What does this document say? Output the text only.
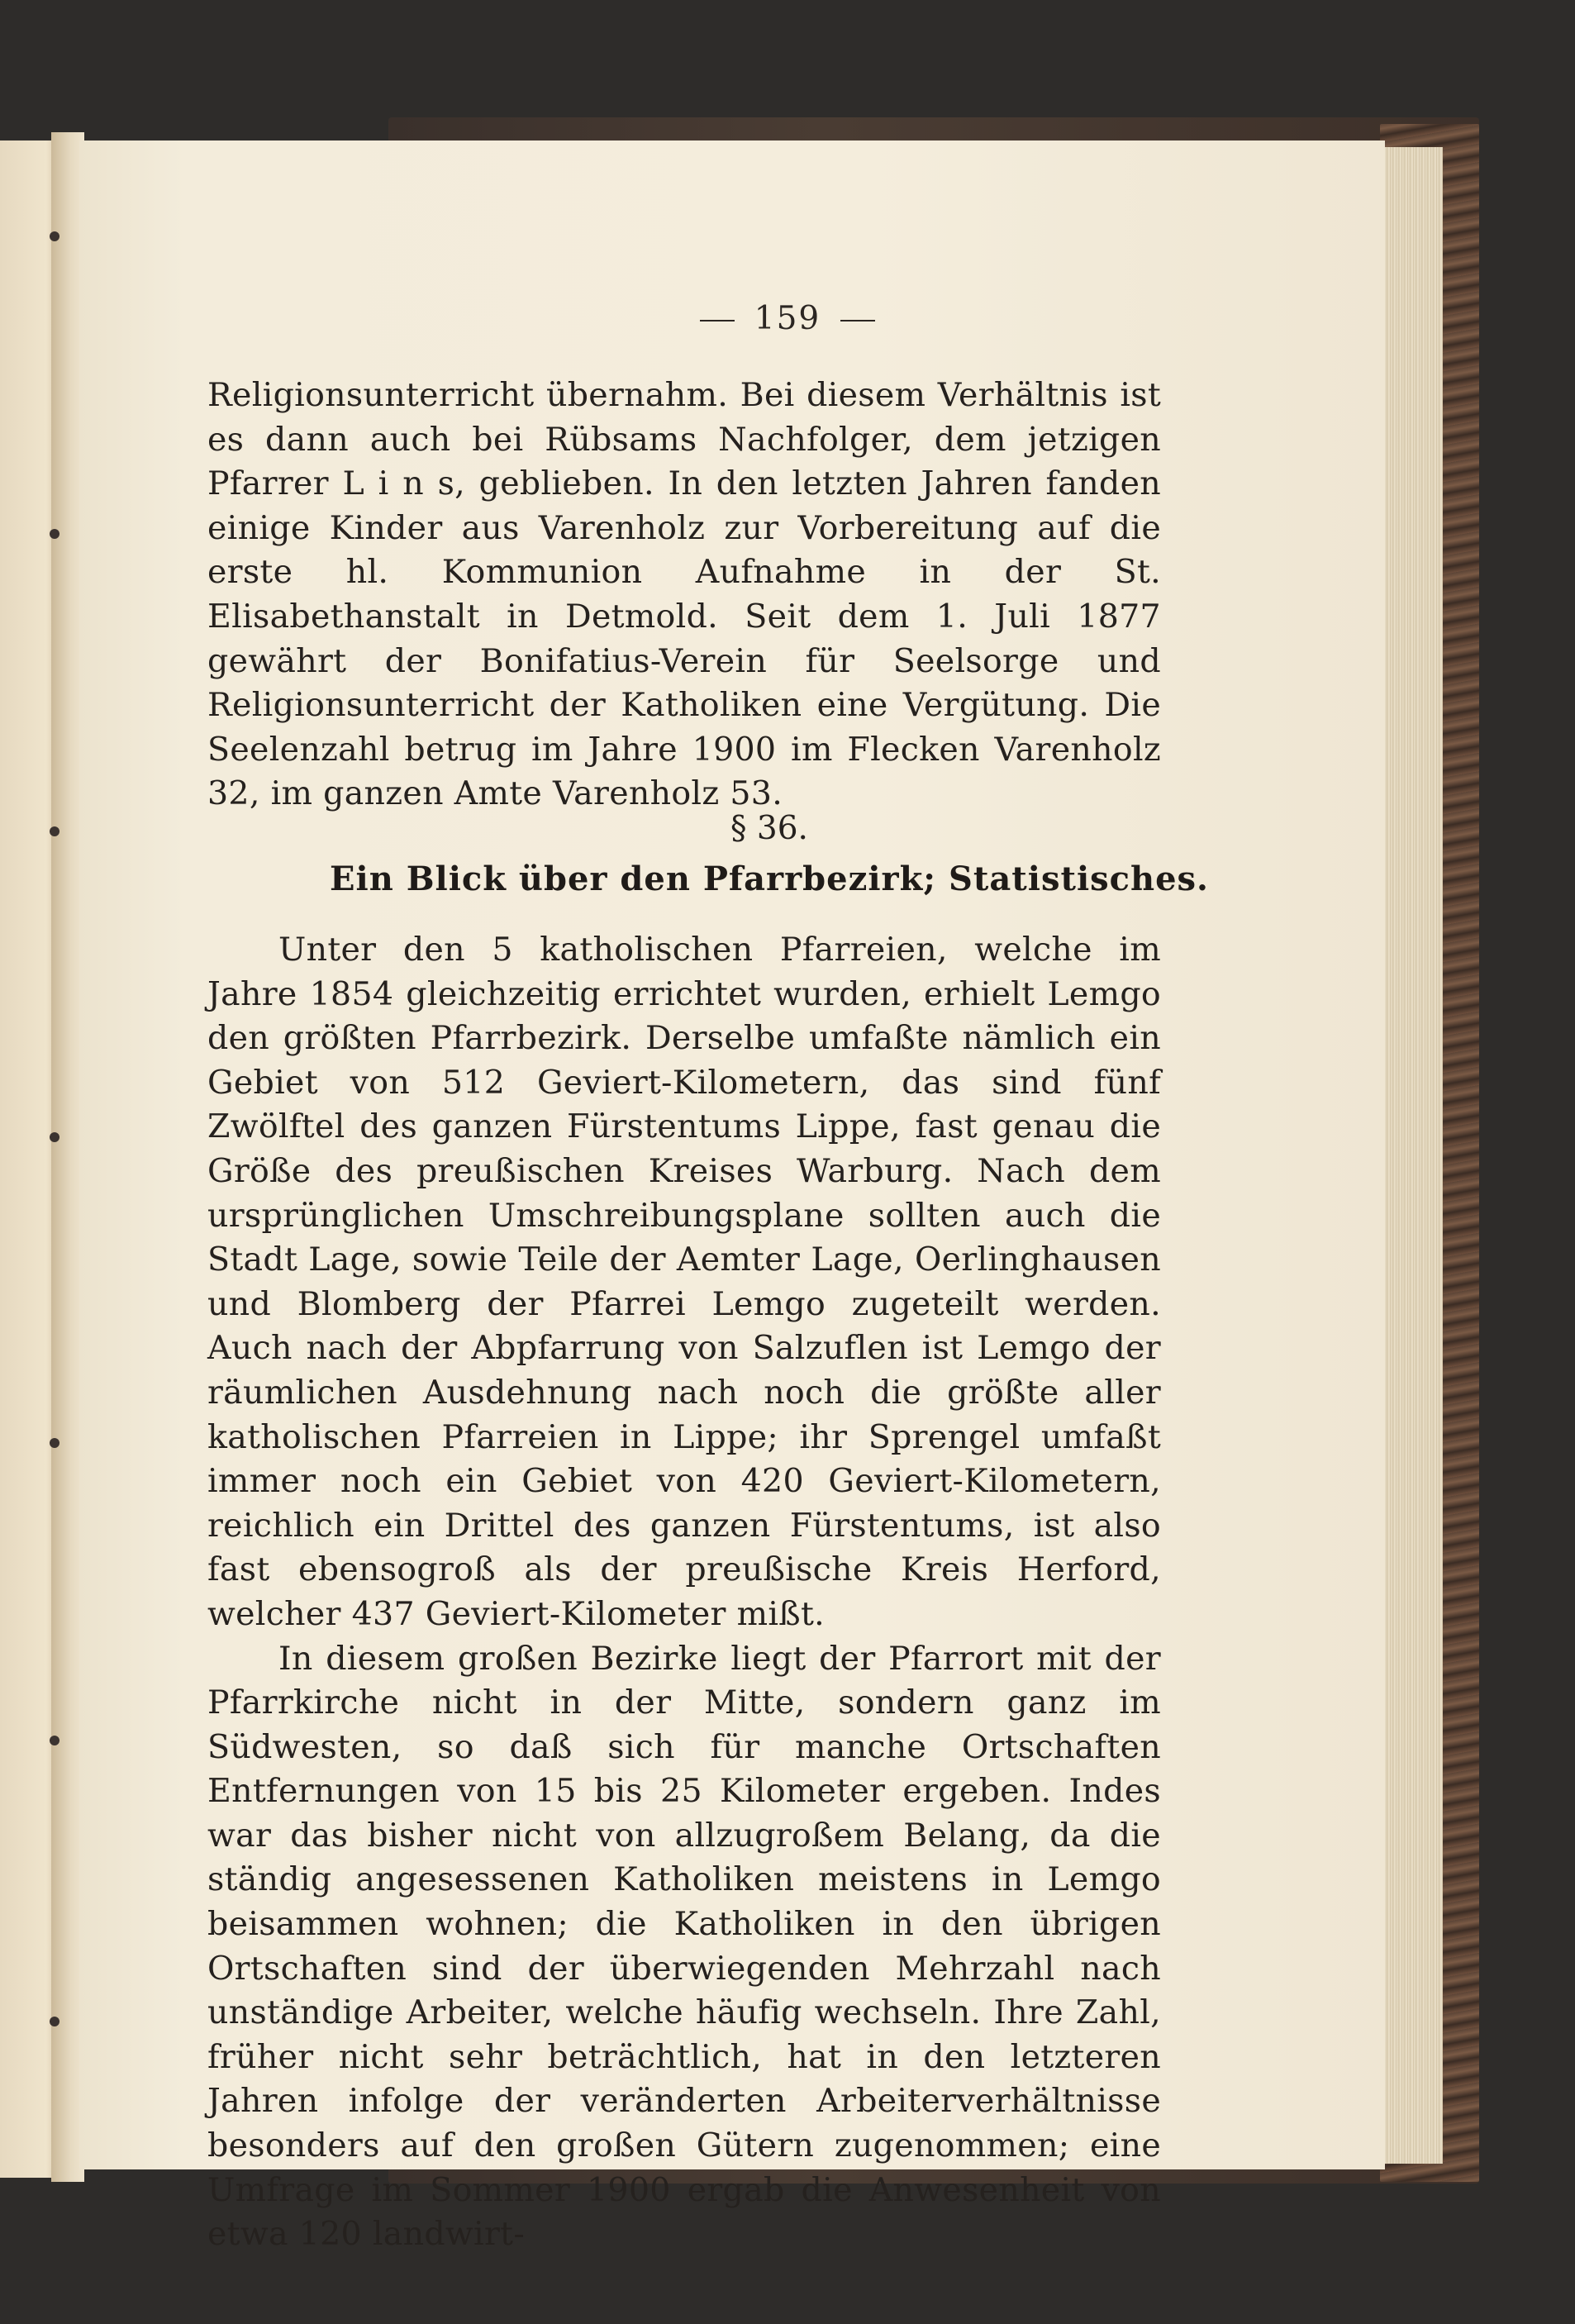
159

Religionsunterricht übernahm. Bei diesem Verhältnis ist es dann auch bei Rübsams Nachfolger, dem jetzigen Pfarrer L i n s, geblieben. In den letzten Jahren fanden einige Kinder aus Varenholz zur Vorbereitung auf die erste hl. Kommunion Aufnahme in der St. Elisabethanstalt in Detmold. Seit dem 1. Juli 1877 gewährt der Bonifatius-Verein für Seelsorge und Religionsunterricht der Katholiken eine Vergütung. Die Seelenzahl betrug im Jahre 1900 im Flecken Varenholz 32, im ganzen Amte Varenholz 53.

§ 36.
Ein Blick über den Pfarrbezirk; Statistisches.

Unter den 5 katholischen Pfarreien, welche im Jahre 1854 gleichzeitig errichtet wurden, erhielt Lemgo den größten Pfarrbezirk. Derselbe umfaßte nämlich ein Gebiet von 512 Geviert-Kilometern, das sind fünf Zwölftel des ganzen Fürstentums Lippe, fast genau die Größe des preußischen Kreises Warburg. Nach dem ursprünglichen Umschreibungsplane sollten auch die Stadt Lage, sowie Teile der Aemter Lage, Oerlinghausen und Blomberg der Pfarrei Lemgo zugeteilt werden. Auch nach der Abpfarrung von Salzuflen ist Lemgo der räumlichen Ausdehnung nach noch die größte aller katholischen Pfarreien in Lippe; ihr Sprengel umfaßt immer noch ein Gebiet von 420 Geviert-Kilometern, reichlich ein Drittel des ganzen Fürstentums, ist also fast ebensogroß als der preußische Kreis Herford, welcher 437 Geviert-Kilometer mißt.

In diesem großen Bezirke liegt der Pfarrort mit der Pfarrkirche nicht in der Mitte, sondern ganz im Südwesten, so daß sich für manche Ortschaften Entfernungen von 15 bis 25 Kilometer ergeben. Indes war das bisher nicht von allzugroßem Belang, da die ständig angesessenen Katholiken meistens in Lemgo beisammen wohnen; die Katholiken in den übrigen Ortschaften sind der überwiegenden Mehrzahl nach unständige Arbeiter, welche häufig wechseln. Ihre Zahl, früher nicht sehr beträchtlich, hat in den letzteren Jahren infolge der veränderten Arbeiterverhältnisse besonders auf den großen Gütern zugenommen; eine Umfrage im Sommer 1900 ergab die Anwesenheit von etwa 120 landwirt-
